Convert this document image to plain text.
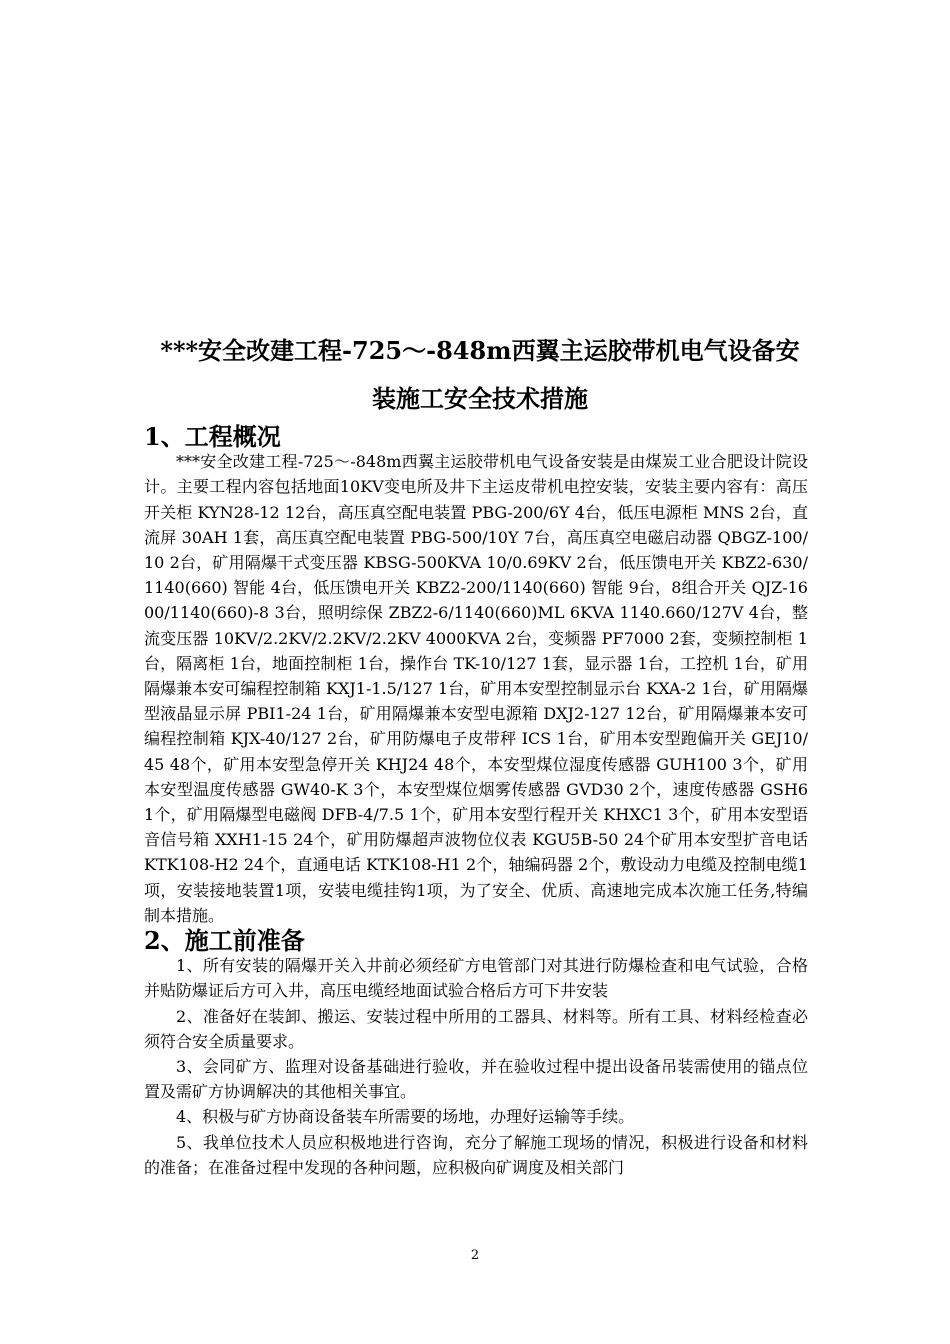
***安全改建工程-725～-848m西翼主运胶带机电气设备安
装施工安全技术措施
1、工程概况

***安全改建工程-725～-848m西翼主运胶带机电气设备安装是由煤炭工业合肥设计院设计。主要工程内容包括地面10KV变电所及井下主运皮带机电控安装，安装主要内容有：高压开关柜 KYN28-12 12台，高压真空配电装置 PBG-200/6Y 4台，低压电源柜 MNS 2台，直流屏 30AH 1套，高压真空配电装置 PBG-500/10Y 7台，高压真空电磁启动器 QBGZ-100/10 2台，矿用隔爆干式变压器 KBSG-500KVA 10/0.69KV 2台，低压馈电开关 KBZ2-630/1140(660) 智能 4台，低压馈电开关 KBZ2-200/1140(660) 智能 9台，8组合开关 QJZ-1600/1140(660)-8 3台，照明综保 ZBZ2-6/1140(660)ML 6KVA 1140.660/127V 4台，整流变压器 10KV/2.2KV/2.2KV/2.2KV 4000KVA 2台，变频器 PF7000 2套，变频控制柜 1台，隔离柜 1台，地面控制柜 1台，操作台 TK-10/127 1套，显示器 1台，工控机 1台，矿用隔爆兼本安可编程控制箱 KXJ1-1.5/127 1台，矿用本安型控制显示台 KXA-2 1台，矿用隔爆型液晶显示屏 PBI1-24 1台，矿用隔爆兼本安型电源箱 DXJ2-127 12台，矿用隔爆兼本安可编程控制箱 KJX-40/127 2台，矿用防爆电子皮带秤 ICS 1台，矿用本安型跑偏开关 GEJ10/45 48个，矿用本安型急停开关 KHJ24 48个，本安型煤位湿度传感器 GUH100 3个，矿用本安型温度传感器 GW40-K 3个，本安型煤位烟雾传感器 GVD30 2个，速度传感器 GSH6 1个，矿用隔爆型电磁阀 DFB-4/7.5 1个，矿用本安型行程开关 KHXC1 3个，矿用本安型语音信号箱 XXH1-15 24个，矿用防爆超声波物位仪表 KGU5B-50 24个矿用本安型扩音电话 KTK108-H2 24个，直通电话 KTK108-H1 2个，轴编码器 2个，敷设动力电缆及控制电缆1项，安装接地装置1项，安装电缆挂钩1项，为了安全、优质、高速地完成本次施工任务,特编制本措施。

2、施工前准备

1、所有安装的隔爆开关入井前必须经矿方电管部门对其进行防爆检查和电气试验，合格并贴防爆证后方可入井，高压电缆经地面试验合格后方可下井安装

2、准备好在装卸、搬运、安装过程中所用的工器具、材料等。所有工具、材料经检查必须符合安全质量要求。

3、会同矿方、监理对设备基础进行验收，并在验收过程中提出设备吊装需使用的锚点位置及需矿方协调解决的其他相关事宜。

4、积极与矿方协商设备装车所需要的场地，办理好运输等手续。

5、我单位技术人员应积极地进行咨询，充分了解施工现场的情况，积极进行设备和材料的准备；在准备过程中发现的各种问题，应积极向矿调度及相关部门

2
